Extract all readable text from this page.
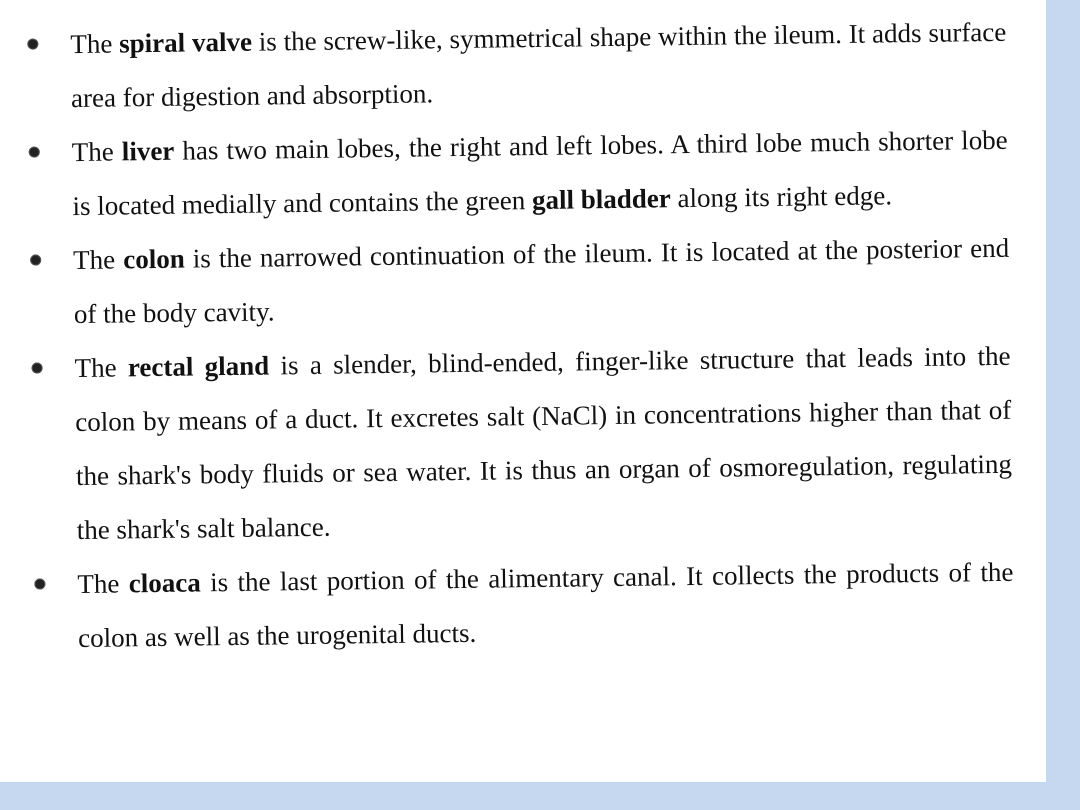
The spiral valve is the screw-like, symmetrical shape within the ileum. It adds surface area for digestion and absorption.
The liver has two main lobes, the right and left lobes. A third lobe much shorter lobe is located medially and contains the green gall bladder along its right edge.
The colon is the narrowed continuation of the ileum. It is located at the posterior end of the body cavity.
The rectal gland is a slender, blind-ended, finger-like structure that leads into the colon by means of a duct. It excretes salt (NaCl) in concentrations higher than that of the shark's body fluids or sea water. It is thus an organ of osmoregulation, regulating the shark's salt balance.
The cloaca is the last portion of the alimentary canal. It collects the products of the colon as well as the urogenital ducts.
